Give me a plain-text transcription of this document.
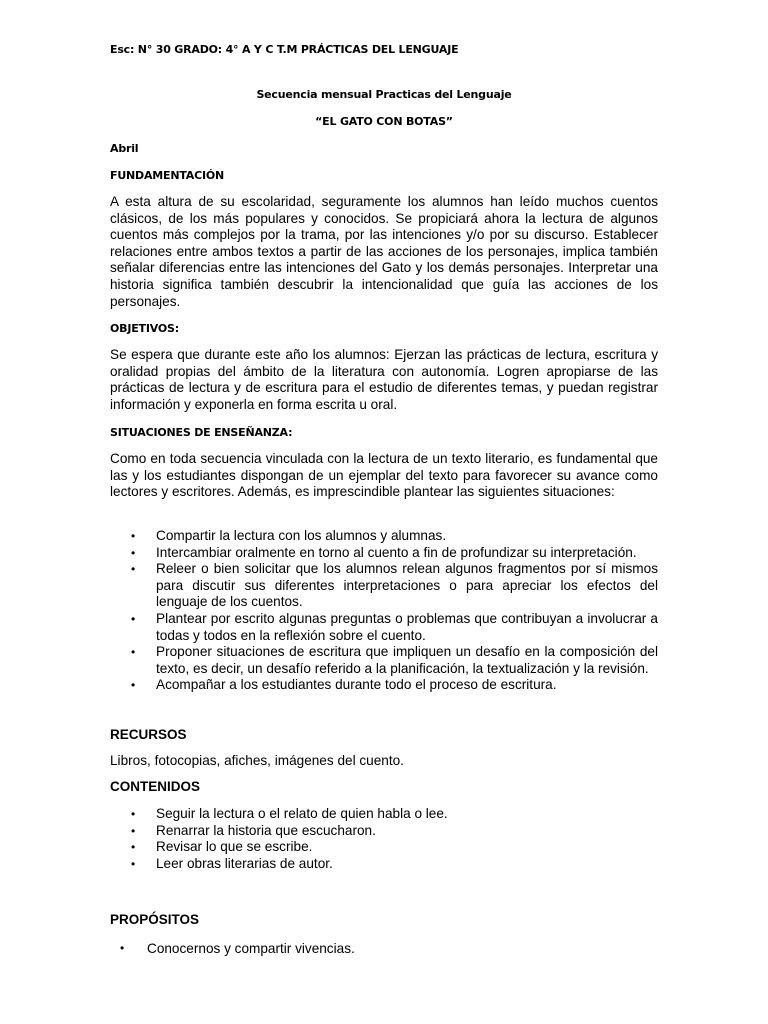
Esc: N° 30 GRADO: 4° A Y C T.M PRÁCTICAS DEL LENGUAJE
Secuencia mensual Practicas del Lenguaje
“EL GATO CON BOTAS”
Abril
FUNDAMENTACIÓN
A esta altura de su escolaridad, seguramente los alumnos han leído muchos cuentos clásicos, de los más populares y conocidos. Se propiciará ahora la lectura de algunos cuentos más complejos por la trama, por las intenciones y/o por su discurso. Establecer relaciones entre ambos textos a partir de las acciones de los personajes, implica también señalar diferencias entre las intenciones del Gato y los demás personajes. Interpretar una historia significa también descubrir la intencionalidad que guía las acciones de los personajes.
OBJETIVOS:
Se espera que durante este año los alumnos: Ejerzan las prácticas de lectura, escritura y oralidad propias del ámbito de la literatura con autonomía. Logren apropiarse de las prácticas de lectura y de escritura para el estudio de diferentes temas, y puedan registrar información y exponerla en forma escrita u oral.
SITUACIONES DE ENSEÑANZA:
Como en toda secuencia vinculada con la lectura de un texto literario, es fundamental que las y los estudiantes dispongan de un ejemplar del texto para favorecer su avance como lectores y escritores. Además, es imprescindible plantear las siguientes situaciones:
• Compartir la lectura con los alumnos y alumnas.
• Intercambiar oralmente en torno al cuento a fin de profundizar su interpretación.
• Releer o bien solicitar que los alumnos relean algunos fragmentos por sí mismos para discutir sus diferentes interpretaciones o para apreciar los efectos del lenguaje de los cuentos.
• Plantear por escrito algunas preguntas o problemas que contribuyan a involucrar a todas y todos en la reflexión sobre el cuento.
• Proponer situaciones de escritura que impliquen un desafío en la composición del texto, es decir, un desafío referido a la planificación, la textualización y la revisión.
• Acompañar a los estudiantes durante todo el proceso de escritura.
RECURSOS
Libros, fotocopias, afiches, imágenes del cuento.
CONTENIDOS
• Seguir la lectura o el relato de quien habla o lee.
• Renarrar la historia que escucharon.
• Revisar lo que se escribe.
• Leer obras literarias de autor.
PROPÓSITOS
• Conocernos y compartir vivencias.
